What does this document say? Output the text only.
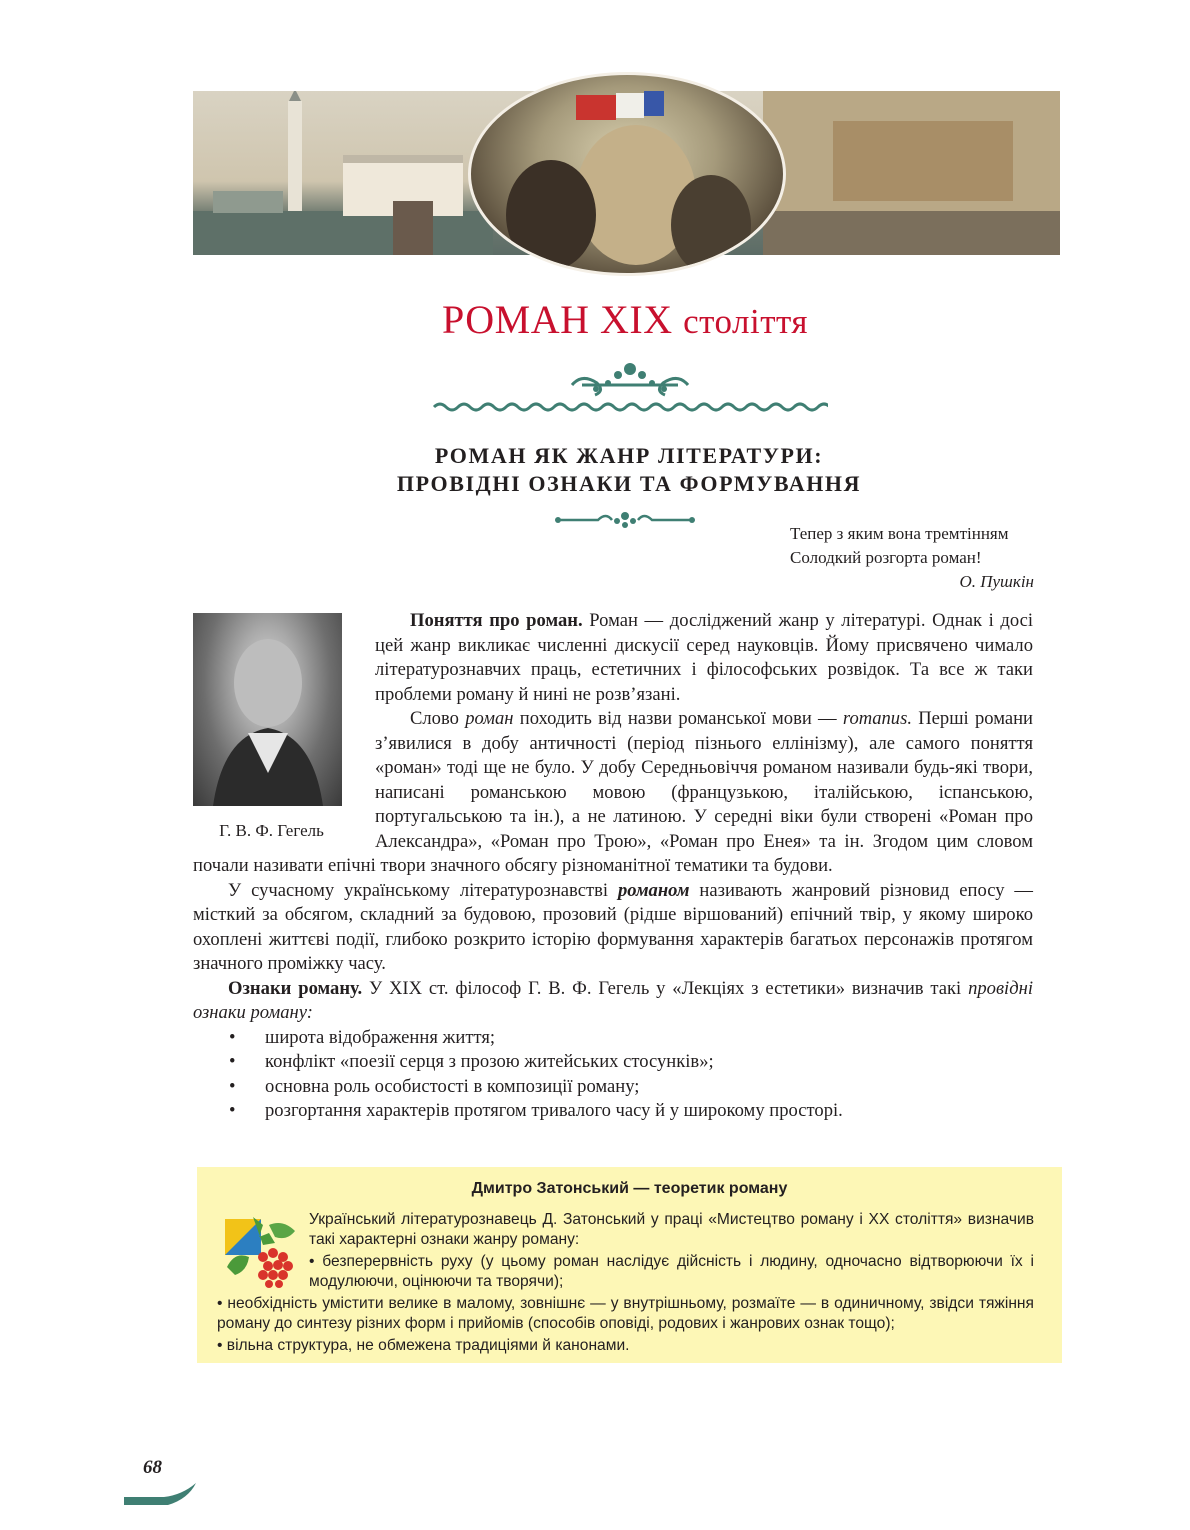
РОМАН XIX століття
РОМАН ЯК ЖАНР ЛІТЕРАТУРИ:
ПРОВІДНІ ОЗНАКИ ТА ФОРМУВАННЯ
Тепер з яким вона тремтінням
Солодкий розгорта роман!
О. Пушкін
Г. В. Ф. Гегель

Поняття про роман. Роман — досліджений жанр у літературі. Однак і досі цей жанр викликає численні дискусії серед науковців. Йому присвячено чимало літературознавчих праць, естетичних і філософських розвідок. Та все ж таки проблеми роману й нині не розв’язані.

Слово роман походить від назви романської мови — romanus. Перші романи з’явилися в добу античності (період пізнього еллінізму), але самого поняття «роман» тоді ще не було. У добу Середньовіччя романом називали будь-які твори, написані романською мовою (французькою, італійською, іспанською, португальською та ін.), а не латиною. У середні віки були створені «Роман про Александра», «Роман про Трою», «Роман про Енея» та ін. Згодом цим словом почали називати епічні твори значного обсягу різноманітної тематики та будови.

У сучасному українському літературознавстві романом називають жанровий різновид епосу — місткий за обсягом, складний за будовою, прозовий (рідше віршований) епічний твір, у якому широко охоплені життєві події, глибоко розкрито історію формування характерів багатьох персонажів протягом значного проміжку часу.

Ознаки роману. У XIX ст. філософ Г. В. Ф. Гегель у «Лекціях з естетики» визначив такі провідні ознаки роману:

• широта відображення життя;
• конфлікт «поезії серця з прозою житейських стосунків»;
• основна роль особистості в композиції роману;
• розгортання характерів протягом тривалого часу й у широкому просторі.
Дмитро Затонський — теоретик роману

Український літературознавець Д. Затонський у праці «Мистецтво роману і XX століття» визначив такі характерні ознаки жанру роману:

• безперервність руху (у цьому роман наслідує дійсність і людину, одночасно відтворюючи їх і модулюючи, оцінюючи та творячи);

• необхідність умістити велике в малому, зовнішнє — у внутрішньому, розмаїте — в одиничному, звідси тяжіння роману до синтезу різних форм і прийомів (способів оповіді, родових і жанрових ознак тощо);

• вільна структура, не обмежена традиціями й канонами.

68
